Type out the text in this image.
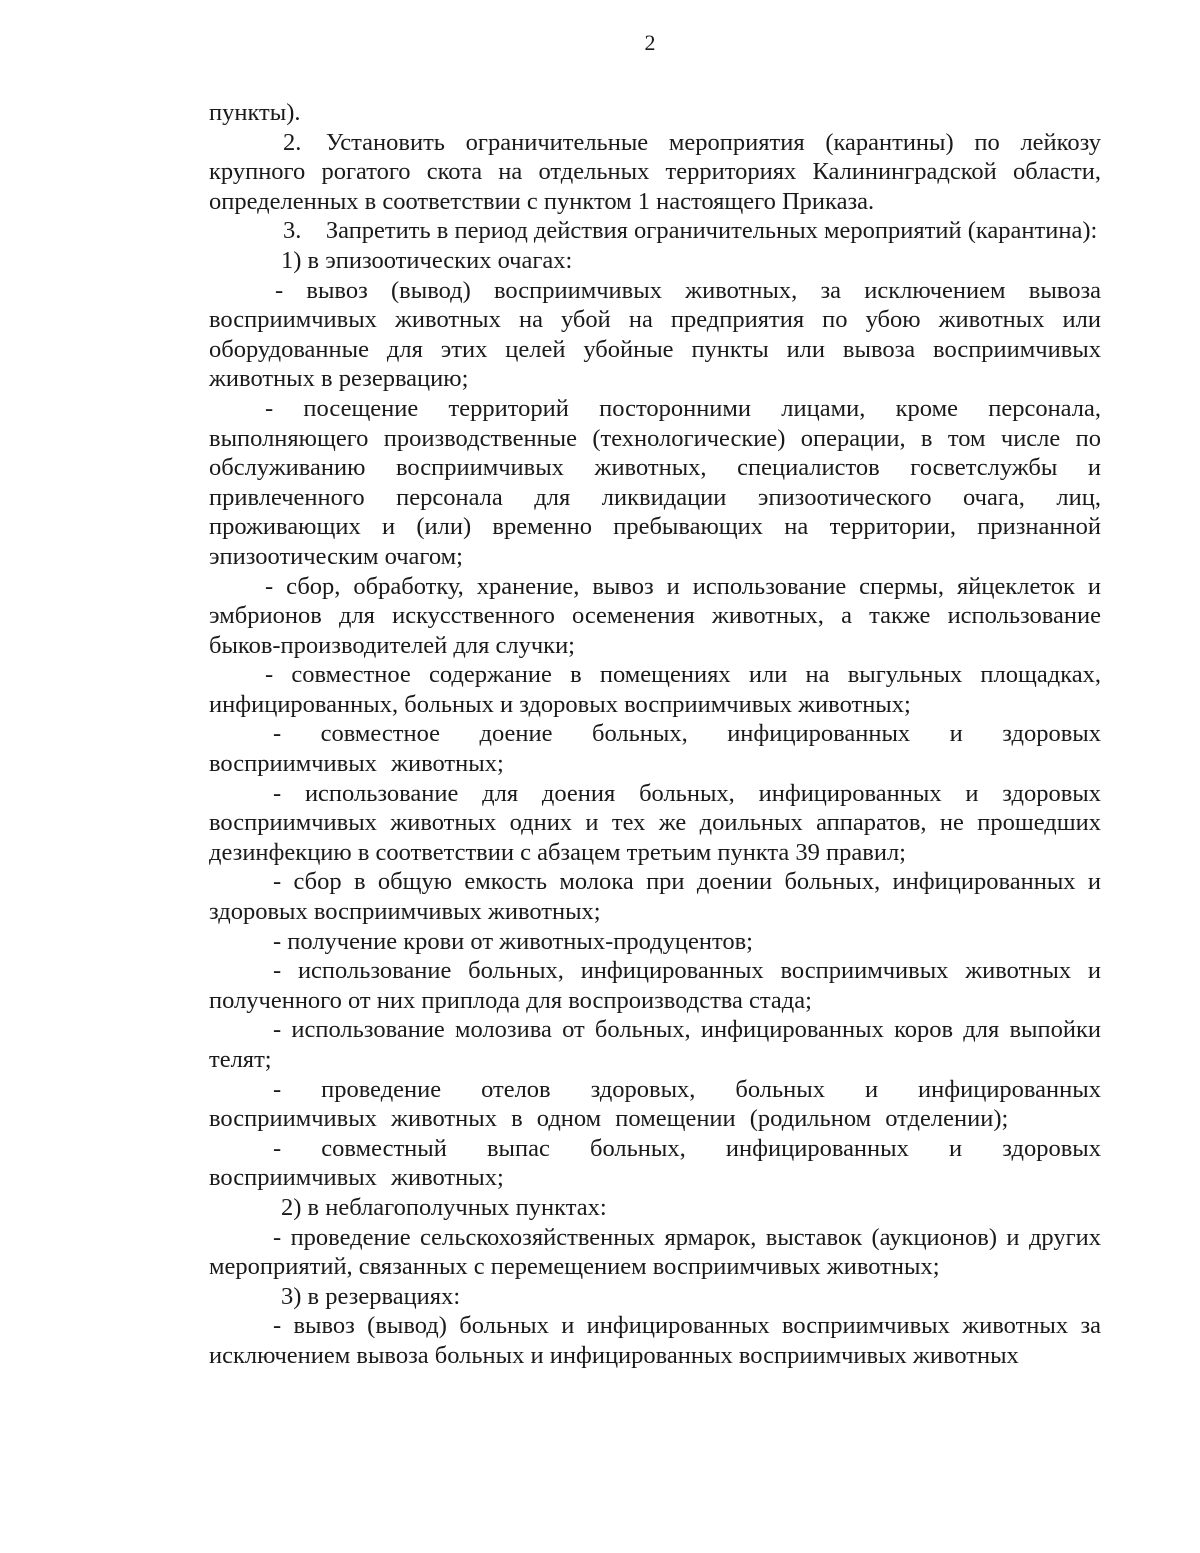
2

пункты).

2. Установить ограничительные мероприятия (карантины) по лейкозу крупного рогатого скота на отдельных территориях Калининградской области, определенных в соответствии с пунктом 1 настоящего Приказа.

3. Запретить в период действия ограничительных мероприятий (карантина):

1) в эпизоотических очагах:

- вывоз (вывод) восприимчивых животных, за исключением вывоза восприимчивых животных на убой на предприятия по убою животных или оборудованные для этих целей убойные пункты или вывоза восприимчивых животных в резервацию;

- посещение территорий посторонними лицами, кроме персонала, выполняющего производственные (технологические) операции, в том числе по обслуживанию восприимчивых животных, специалистов госветслужбы и привлеченного персонала для ликвидации эпизоотического очага, лиц, проживающих и (или) временно пребывающих на территории, признанной эпизоотическим очагом;

- сбор, обработку, хранение, вывоз и использование спермы, яйцеклеток и эмбрионов для искусственного осеменения животных, а также использование быков-производителей для случки;

- совместное содержание в помещениях или на выгульных площадках, инфицированных, больных и здоровых восприимчивых животных;

- совместное доение больных, инфицированных и здоровых восприимчивых животных;

- использование для доения больных, инфицированных и здоровых восприимчивых животных одних и тех же доильных аппаратов, не прошедших дезинфекцию в соответствии с абзацем третьим пункта 39 правил;

- сбор в общую емкость молока при доении больных, инфицированных и здоровых восприимчивых животных;

- получение крови от животных-продуцентов;

- использование больных, инфицированных восприимчивых животных и полученного от них приплода для воспроизводства стада;

- использование молозива от больных, инфицированных коров для выпойки телят;

- проведение отелов здоровых, больных и инфицированных восприимчивых животных в одном помещении (родильном отделении);

- совместный выпас больных, инфицированных и здоровых восприимчивых животных;

2) в неблагополучных пунктах:

- проведение сельскохозяйственных ярмарок, выставок (аукционов) и других мероприятий, связанных с перемещением восприимчивых животных;

3) в резервациях:

- вывоз (вывод) больных и инфицированных восприимчивых животных за исключением вывоза больных и инфицированных восприимчивых животных
